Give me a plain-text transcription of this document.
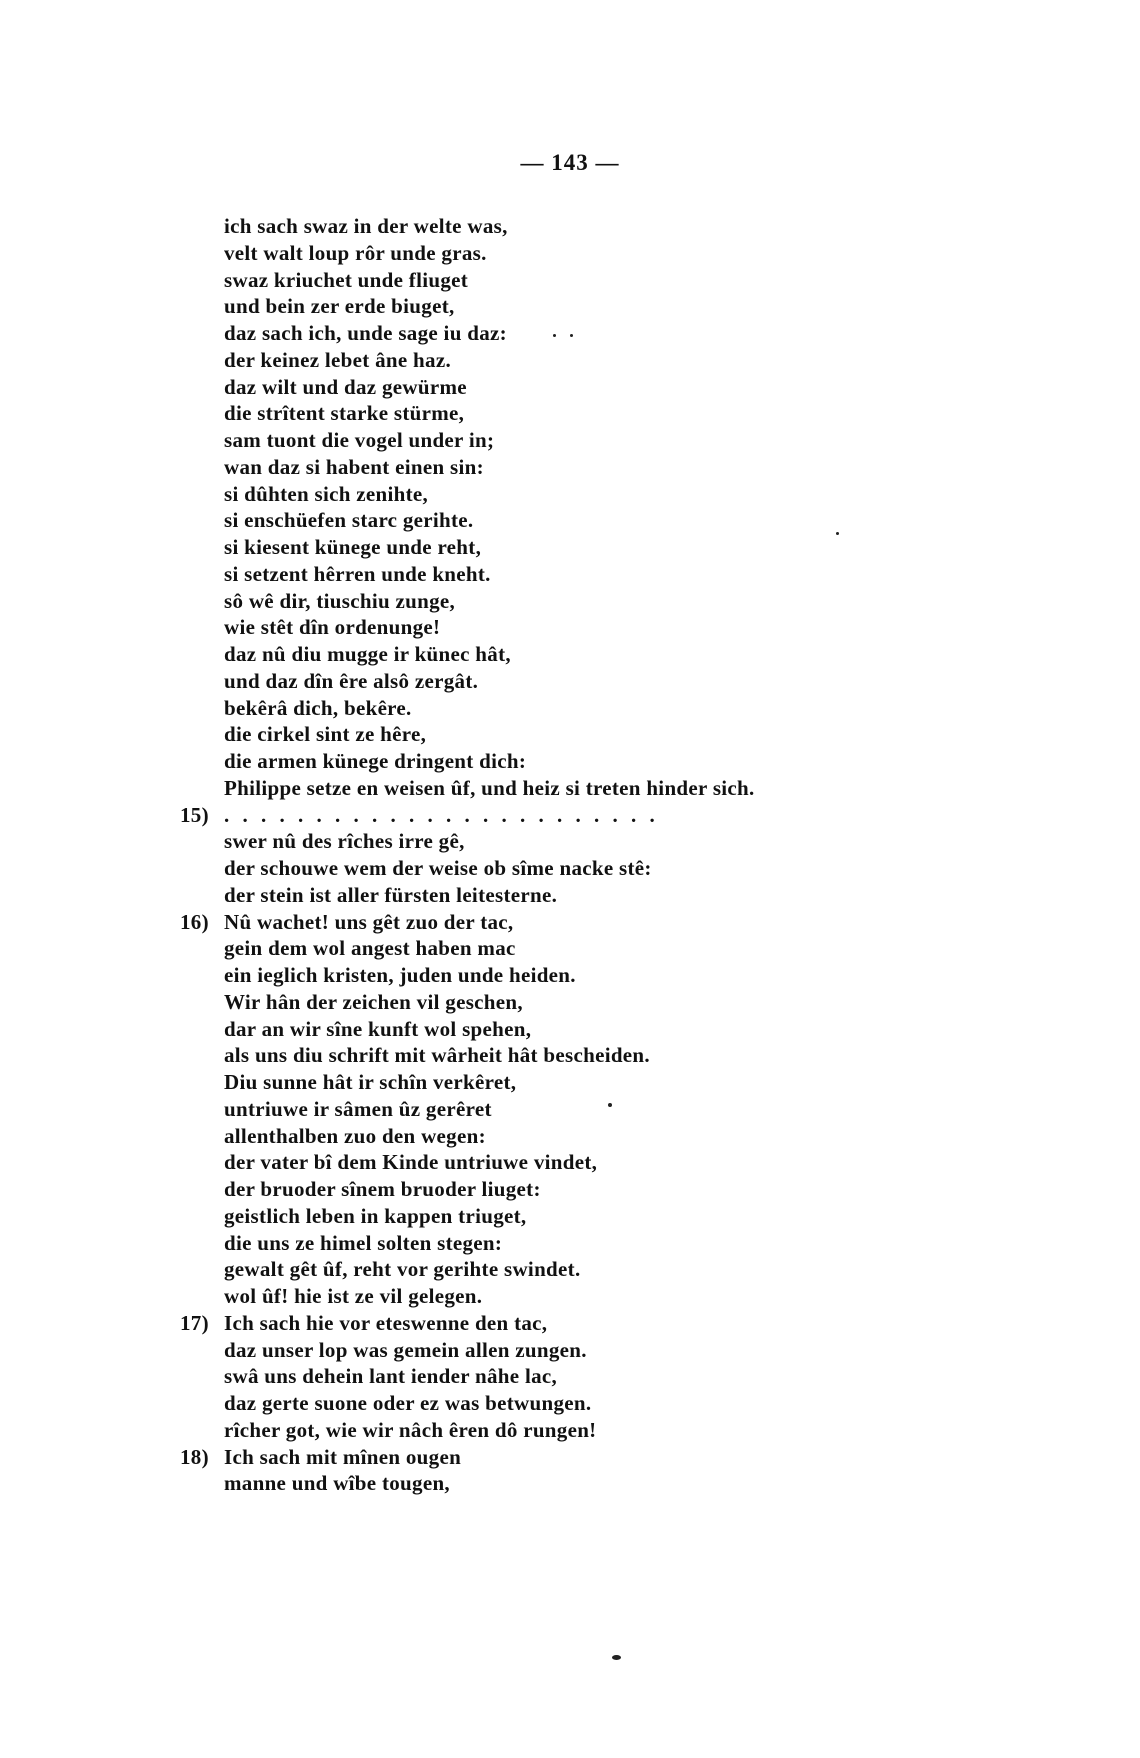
— 143 —
ich sach swaz in der welte was,
velt walt loup rôr unde gras.
swaz kriuchet unde fliuget
und bein zer erde biuget,
daz sach ich, unde sage iu daz:
der keinez lebet âne haz.
daz wilt und daz gewürme
die strîtent starke stürme,
sam tuont die vogel under in;
wan daz si habent einen sin:
si dûhten sich zenihte,
si enschüefen starc gerihte.
si kiesent künege unde reht,
si setzent hêrren unde kneht.
sô wê dir, tiuschiu zunge,
wie stêt dîn ordenunge!
daz nû diu mugge ir künec hât,
und daz dîn êre alsô zergât.
bekêrâ dich, bekêre.
die cirkel sint ze hêre,
die armen künege dringent dich:
Philippe setze en weisen ûf, und heiz si treten hinder sich.
15) . . . . . . . . . . . . . . . . . . . . . . . .
swer nû des rîches irre gê,
der schouwe wem der weise ob sîme nacke stê:
der stein ist aller fürsten leitesterne.
16) Nû wachet! uns gêt zuo der tac,
gein dem wol angest haben mac
ein ieglich kristen, juden unde heiden.
Wir hân der zeichen vil geschen,
dar an wir sîne kunft wol spehen,
als uns diu schrift mit wârheit hât bescheiden.
Diu sunne hât ir schîn verkêret,
untriuwe ir sâmen ûz gerêret
allenthalben zuo den wegen:
der vater bî dem Kinde untriuwe vindet,
der bruoder sînem bruoder liuget:
geistlich leben in kappen triuget,
die uns ze himel solten stegen:
gewalt gêt ûf, reht vor gerihte swindet.
wol ûf! hie ist ze vil gelegen.
17) Ich sach hie vor eteswenne den tac,
daz unser lop was gemein allen zungen.
swâ uns dehein lant iender nâhe lac,
daz gerte suone oder ez was betwungen.
rîcher got, wie wir nâch êren dô rungen!
18) Ich sach mit mînen ougen
manne und wîbe tougen,
